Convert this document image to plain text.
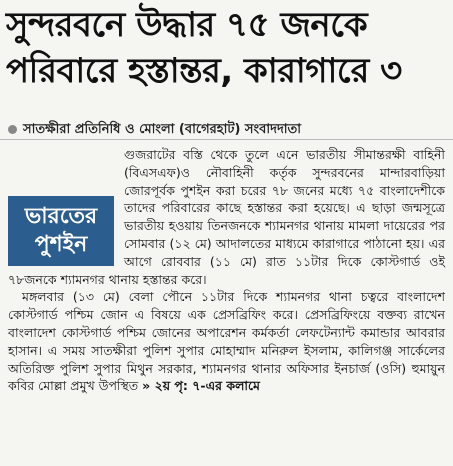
সুন্দরবনে উদ্ধার ৭৫ জনকে
পরিবারে হস্তান্তর, কারাগারে ৩
সাতক্ষীরা প্রতিনিধি ও মোংলা (বাগেরহাট) সংবাদদাতা
ভারতের
পুশইন

গুজরাটের বস্তি থেকে তুলে এনে ভারতীয় সীমান্তরক্ষী বাহিনী (বিএসএফ)ও নৌবাহিনী কর্তৃক সুন্দরবনের মান্দারবাড়িয়া জোরপূর্বক পুশইন করা চরের ৭৮ জনের মধ্যে ৭৫ বাংলাদেশীকে তাদের পরিবারের কাছে হস্তান্তর করা হয়েছে। এ ছাড়া জন্মসূত্রে ভারতীয় হওয়ায় তিনজনকে শ্যামনগর থানায় মামলা দায়েরের পর সোমবার (১২ মে) আদালতের মাধ্যমে কারাগারে পাঠানো হয়। এর আগে রোববার (১১ মে) রাত ১১টার দিকে কোস্টগার্ড ওই ৭৮জনকে শ্যামনগর থানায় হস্তান্তর করে।

মঙ্গলবার (১৩ মে) বেলা পৌনে ১১টার দিকে শ্যামনগর থানা চত্বরে বাংলাদেশ কোস্টগার্ড পশ্চিম জোন এ বিষয়ে এক প্রেসব্রিফিং করে। প্রেসব্রিফিংয়ে বক্তব্য রাখেন বাংলাদেশ কোস্টগার্ড পশ্চিম জোনের অপারেশন কর্মকর্তা লেফটেন্যান্ট কমান্ডার আবরার হাসান। এ সময় সাতক্ষীরা পুলিশ সুপার মোহাম্মাদ মনিরুল ইসলাম, কালিগঞ্জ সার্কেলের অতিরিক্ত পুলিশ সুপার মিথুন সরকার, শ্যামনগর থানার অফিসার ইনচার্জ (ওসি) হুমায়ুন কবির মোল্লা প্রমুখ উপস্থিত » ২য় পৃ: ৭-এর কলামে
